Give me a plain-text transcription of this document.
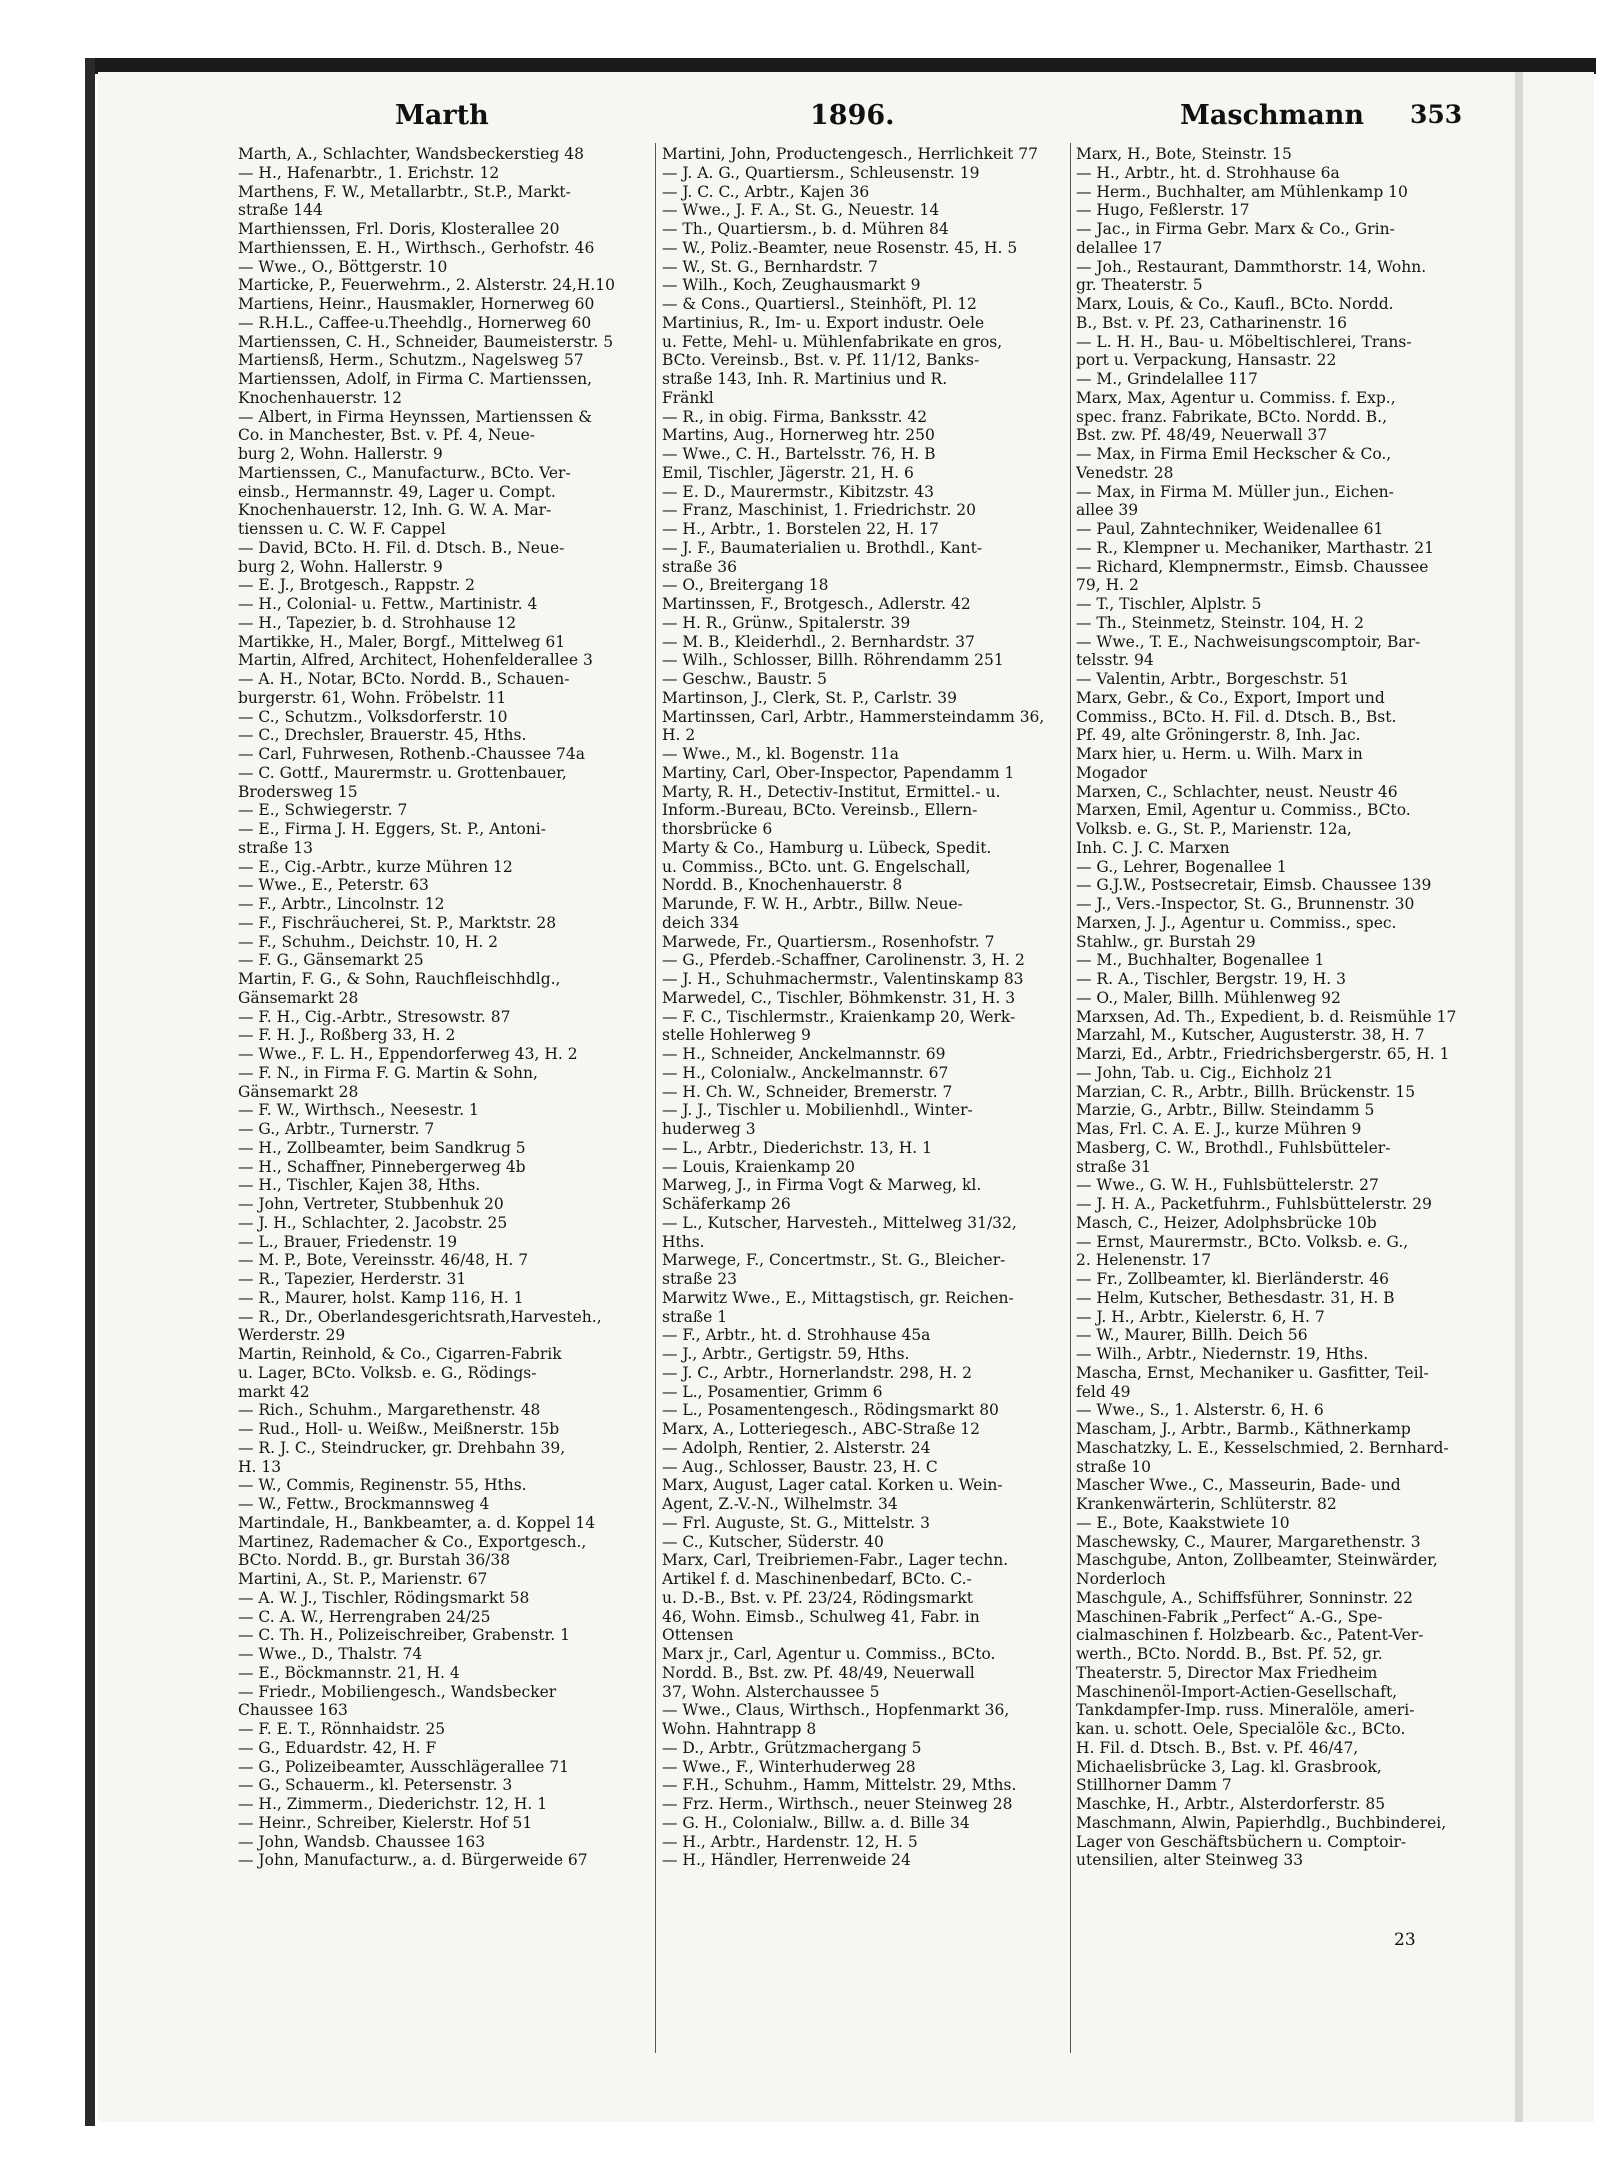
Marth	1896.	Maschmann 353
Marth, A., Schlachter, Wandsbeckerstieg 48
— H., Hafenarbtr., 1. Erichstr. 12
Marthens, F. W., Metallarbtr., St.P., Markt-
straße 144
Marthienssen, Frl. Doris, Klosterallee 20
Marthienssen, E. H., Wirthsch., Gerhofstr. 46
— Wwe., O., Böttgerstr. 10
Marticke, P., Feuerwehrm., 2. Alsterstr. 24,H.10
Martiens, Heinr., Hausmakler, Hornerweg 60
— R.H.L., Caffee-u.Theehdlg., Hornerweg 60
Martienssen, C. H., Schneider, Baumeisterstr. 5
Martiensß, Herm., Schutzm., Nagelsweg 57
Martienssen, Adolf, in Firma C. Martienssen,
Knochenhauerstr. 12
— Albert, in Firma Heynssen, Martienssen &
Co. in Manchester, Bst. v. Pf. 4, Neue-
burg 2, Wohn. Hallerstr. 9
Martienssen, C., Manufacturw., BCto. Ver-
einsb., Hermannstr. 49, Lager u. Compt.
Knochenhauerstr. 12, Inh. G. W. A. Mar-
tienssen u. C. W. F. Cappel
— David, BCto. H. Fil. d. Dtsch. B., Neue-
burg 2, Wohn. Hallerstr. 9
— E. J., Brotgesch., Rappstr. 2
— H., Colonial- u. Fettw., Martinistr. 4
— H., Tapezier, b. d. Strohhause 12
Martikke, H., Maler, Borgf., Mittelweg 61
Martin, Alfred, Architect, Hohenfelderallee 3
— A. H., Notar, BCto. Nordd. B., Schauen-
burgerstr. 61, Wohn. Fröbelstr. 11
— C., Schutzm., Volksdorferstr. 10
— C., Drechsler, Brauerstr. 45, Hths.
— Carl, Fuhrwesen, Rothenb.-Chaussee 74a
— C. Gottf., Maurermstr. u. Grottenbauer,
Brodersweg 15
— E., Schwiegerstr. 7
— E., Firma J. H. Eggers, St. P., Antoni-
straße 13
— E., Cig.-Arbtr., kurze Mühren 12
— Wwe., E., Peterstr. 63
— F., Arbtr., Lincolnstr. 12
— F., Fischräucherei, St. P., Marktstr. 28
— F., Schuhm., Deichstr. 10, H. 2
— F. G., Gänsemarkt 25
Martin, F. G., & Sohn, Rauchfleischhdlg.,
Gänsemarkt 28
— F. H., Cig.-Arbtr., Stresowstr. 87
— F. H. J., Roßberg 33, H. 2
— Wwe., F. L. H., Eppendorferweg 43, H. 2
— F. N., in Firma F. G. Martin & Sohn,
Gänsemarkt 28
— F. W., Wirthsch., Neesestr. 1
— G., Arbtr., Turnerstr. 7
— H., Zollbeamter, beim Sandkrug 5
— H., Schaffner, Pinnebergerweg 4b
— H., Tischler, Kajen 38, Hths.
— John, Vertreter, Stubbenhuk 20
— J. H., Schlachter, 2. Jacobstr. 25
— L., Brauer, Friedenstr. 19
— M. P., Bote, Vereinsstr. 46/48, H. 7
— R., Tapezier, Herderstr. 31
— R., Maurer, holst. Kamp 116, H. 1
— R., Dr., Oberlandesgerichtsrath,Harvesteh.,
Werderstr. 29
Martin, Reinhold, & Co., Cigarren-Fabrik
u. Lager, BCto. Volksb. e. G., Rödings-
markt 42
— Rich., Schuhm., Margarethenstr. 48
— Rud., Holl- u. Weißw., Meißnerstr. 15b
— R. J. C., Steindrucker, gr. Drehbahn 39,
H. 13
— W., Commis, Reginenstr. 55, Hths.
— W., Fettw., Brockmannsweg 4
Martindale, H., Bankbeamter, a. d. Koppel 14
Martinez, Rademacher & Co., Exportgesch.,
BCto. Nordd. B., gr. Burstah 36/38
Martini, A., St. P., Marienstr. 67
— A. W. J., Tischler, Rödingsmarkt 58
— C. A. W., Herrengraben 24/25
— C. Th. H., Polizeischreiber, Grabenstr. 1
— Wwe., D., Thalstr. 74
— E., Böckmannstr. 21, H. 4
— Friedr., Mobiliengesch., Wandsbecker
Chaussee 163
— F. E. T., Rönnhaidstr. 25
— G., Eduardstr. 42, H. F
— G., Polizeibeamter, Ausschlägerallee 71
— G., Schauerm., kl. Petersenstr. 3
— H., Zimmerm., Diederichstr. 12, H. 1
— Heinr., Schreiber, Kielerstr. Hof 51
— John, Wandsb. Chaussee 163
— John, Manufacturw., a. d. Bürgerweide 67
Martini, John, Productengesch., Herrlichkeit 77
— J. A. G., Quartiersm., Schleusenstr. 19
— J. C. C., Arbtr., Kajen 36
— Wwe., J. F. A., St. G., Neuestr. 14
— Th., Quartiersm., b. d. Mühren 84
— W., Poliz.-Beamter, neue Rosenstr. 45, H. 5
— W., St. G., Bernhardstr. 7
— Wilh., Koch, Zeughausmarkt 9
— & Cons., Quartiersl., Steinhöft, Pl. 12
Martinius, R., Im- u. Export industr. Oele
u. Fette, Mehl- u. Mühlenfabrikate en gros,
BCto. Vereinsb., Bst. v. Pf. 11/12, Banks-
straße 143, Inh. R. Martinius und R.
Fränkl
— R., in obig. Firma, Banksstr. 42
Martins, Aug., Hornerweg htr. 250
— Wwe., C. H., Bartelsstr. 76, H. B
Emil, Tischler, Jägerstr. 21, H. 6
— E. D., Maurermstr., Kibitzstr. 43
— Franz, Maschinist, 1. Friedrichstr. 20
— H., Arbtr., 1. Borstelen 22, H. 17
— J. F., Baumaterialien u. Brothdl., Kant-
straße 36
— O., Breitergang 18
Martinssen, F., Brotgesch., Adlerstr. 42
— H. R., Grünw., Spitalerstr. 39
— M. B., Kleiderhdl., 2. Bernhardstr. 37
— Wilh., Schlosser, Billh. Röhrendamm 251
— Geschw., Baustr. 5
Martinson, J., Clerk, St. P., Carlstr. 39
Martinssen, Carl, Arbtr., Hammersteindamm 36,
H. 2
— Wwe., M., kl. Bogenstr. 11a
Martiny, Carl, Ober-Inspector, Papendamm 1
Marty, R. H., Detectiv-Institut, Ermittel.- u.
Inform.-Bureau, BCto. Vereinsb., Ellern-
thorsbrücke 6
Marty & Co., Hamburg u. Lübeck, Spedit.
u. Commiss., BCto. unt. G. Engelschall,
Nordd. B., Knochenhauerstr. 8
Marunde, F. W. H., Arbtr., Billw. Neue-
deich 334
Marwede, Fr., Quartiersm., Rosenhofstr. 7
— G., Pferdeb.-Schaffner, Carolinenstr. 3, H. 2
— J. H., Schuhmachermstr., Valentinskamp 83
Marwedel, C., Tischler, Böhmkenstr. 31, H. 3
— F. C., Tischlermstr., Kraienkamp 20, Werk-
stelle Hohlerweg 9
— H., Schneider, Anckelmannstr. 69
— H., Colonialw., Anckelmannstr. 67
— H. Ch. W., Schneider, Bremerstr. 7
— J. J., Tischler u. Mobilienhdl., Winter-
huderweg 3
— L., Arbtr., Diederichstr. 13, H. 1
— Louis, Kraienkamp 20
Marweg, J., in Firma Vogt & Marweg, kl.
Schäferkamp 26
— L., Kutscher, Harvesteh., Mittelweg 31/32,
Hths.
Marwege, F., Concertmstr., St. G., Bleicher-
straße 23
Marwitz Wwe., E., Mittagstisch, gr. Reichen-
straße 1
— F., Arbtr., ht. d. Strohhause 45a
— J., Arbtr., Gertigstr. 59, Hths.
— J. C., Arbtr., Hornerlandstr. 298, H. 2
— L., Posamentier, Grimm 6
— L., Posamentengesch., Rödingsmarkt 80
Marx, A., Lotteriegesch., ABC-Straße 12
— Adolph, Rentier, 2. Alsterstr. 24
— Aug., Schlosser, Baustr. 23, H. C
Marx, August, Lager catal. Korken u. Wein-
Agent, Z.-V.-N., Wilhelmstr. 34
— Frl. Auguste, St. G., Mittelstr. 3
— C., Kutscher, Süderstr. 40
Marx, Carl, Treibriemen-Fabr., Lager techn.
Artikel f. d. Maschinenbedarf, BCto. C.-
u. D.-B., Bst. v. Pf. 23/24, Rödingsmarkt
46, Wohn. Eimsb., Schulweg 41, Fabr. in
Ottensen
Marx jr., Carl, Agentur u. Commiss., BCto.
Nordd. B., Bst. zw. Pf. 48/49, Neuerwall
37, Wohn. Alsterchaussee 5
— Wwe., Claus, Wirthsch., Hopfenmarkt 36,
Wohn. Hahntrapp 8
— D., Arbtr., Grützmachergang 5
— Wwe., F., Winterhuderweg 28
— F.H., Schuhm., Hamm, Mittelstr. 29, Mths.
— Frz. Herm., Wirthsch., neuer Steinweg 28
— G. H., Colonialw., Billw. a. d. Bille 34
— H., Arbtr., Hardenstr. 12, H. 5
— H., Händler, Herrenweide 24
Marx, H., Bote, Steinstr. 15
— H., Arbtr., ht. d. Strohhause 6a
— Herm., Buchhalter, am Mühlenkamp 10
— Hugo, Feßlerstr. 17
— Jac., in Firma Gebr. Marx & Co., Grin-
delallee 17
— Joh., Restaurant, Dammthorstr. 14, Wohn.
gr. Theaterstr. 5
Marx, Louis, & Co., Kaufl., BCto. Nordd.
B., Bst. v. Pf. 23, Catharinenstr. 16
— L. H. H., Bau- u. Möbeltischlerei, Trans-
port u. Verpackung, Hansastr. 22
— M., Grindelallee 117
Marx, Max, Agentur u. Commiss. f. Exp.,
spec. franz. Fabrikate, BCto. Nordd. B.,
Bst. zw. Pf. 48/49, Neuerwall 37
— Max, in Firma Emil Heckscher & Co.,
Venedstr. 28
— Max, in Firma M. Müller jun., Eichen-
allee 39
— Paul, Zahntechniker, Weidenallee 61
— R., Klempner u. Mechaniker, Marthastr. 21
— Richard, Klempnermstr., Eimsb. Chaussee
79, H. 2
— T., Tischler, Alplstr. 5
— Th., Steinmetz, Steinstr. 104, H. 2
— Wwe., T. E., Nachweisungscomptoir, Bar-
telsstr. 94
— Valentin, Arbtr., Borgeschstr. 51
Marx, Gebr., & Co., Export, Import und
Commiss., BCto. H. Fil. d. Dtsch. B., Bst.
Pf. 49, alte Gröningerstr. 8, Inh. Jac.
Marx hier, u. Herm. u. Wilh. Marx in
Mogador
Marxen, C., Schlachter, neust. Neustr 46
Marxen, Emil, Agentur u. Commiss., BCto.
Volksb. e. G., St. P., Marienstr. 12a,
Inh. C. J. C. Marxen
— G., Lehrer, Bogenallee 1
— G.J.W., Postsecretair, Eimsb. Chaussee 139
— J., Vers.-Inspector, St. G., Brunnenstr. 30
Marxen, J. J., Agentur u. Commiss., spec.
Stahlw., gr. Burstah 29
— M., Buchhalter, Bogenallee 1
— R. A., Tischler, Bergstr. 19, H. 3
— O., Maler, Billh. Mühlenweg 92
Marxsen, Ad. Th., Expedient, b. d. Reismühle 17
Marzahl, M., Kutscher, Augusterstr. 38, H. 7
Marzi, Ed., Arbtr., Friedrichsbergerstr. 65, H. 1
— John, Tab. u. Cig., Eichholz 21
Marzian, C. R., Arbtr., Billh. Brückenstr. 15
Marzie, G., Arbtr., Billw. Steindamm 5
Mas, Frl. C. A. E. J., kurze Mühren 9
Masberg, C. W., Brothdl., Fuhlsbütteler-
straße 31
— Wwe., G. W. H., Fuhlsbüttelerstr. 27
— J. H. A., Packetfuhrm., Fuhlsbüttelerstr. 29
Masch, C., Heizer, Adolphsbrücke 10b
— Ernst, Maurermstr., BCto. Volksb. e. G.,
2. Helenenstr. 17
— Fr., Zollbeamter, kl. Bierländerstr. 46
— Helm, Kutscher, Bethesdastr. 31, H. B
— J. H., Arbtr., Kielerstr. 6, H. 7
— W., Maurer, Billh. Deich 56
— Wilh., Arbtr., Niedernstr. 19, Hths.
Mascha, Ernst, Mechaniker u. Gasfitter, Teil-
feld 49
— Wwe., S., 1. Alsterstr. 6, H. 6
Mascham, J., Arbtr., Barmb., Käthnerkamp
Maschatzky, L. E., Kesselschmied, 2. Bernhard-
straße 10
Mascher Wwe., C., Masseurin, Bade- und
Krankenwärterin, Schlüterstr. 82
— E., Bote, Kaakstwiete 10
Maschewsky, C., Maurer, Margarethenstr. 3
Maschgube, Anton, Zollbeamter, Steinwärder,
Norderloch
Maschgule, A., Schiffsführer, Sonninstr. 22
Maschinen-Fabrik „Perfect“ A.-G., Spe-
cialmaschinen f. Holzbearb. &c., Patent-Ver-
werth., BCto. Nordd. B., Bst. Pf. 52, gr.
Theaterstr. 5, Director Max Friedheim
Maschinenöl-Import-Actien-Gesellschaft,
Tankdampfer-Imp. russ. Mineralöle, ameri-
kan. u. schott. Oele, Specialöle &c., BCto.
H. Fil. d. Dtsch. B., Bst. v. Pf. 46/47,
Michaelisbrücke 3, Lag. kl. Grasbrook,
Stillhorner Damm 7
Maschke, H., Arbtr., Alsterdorferstr. 85
Maschmann, Alwin, Papierhdlg., Buchbinderei,
Lager von Geschäftsbüchern u. Comptoir-
utensilien, alter Steinweg 33
23
